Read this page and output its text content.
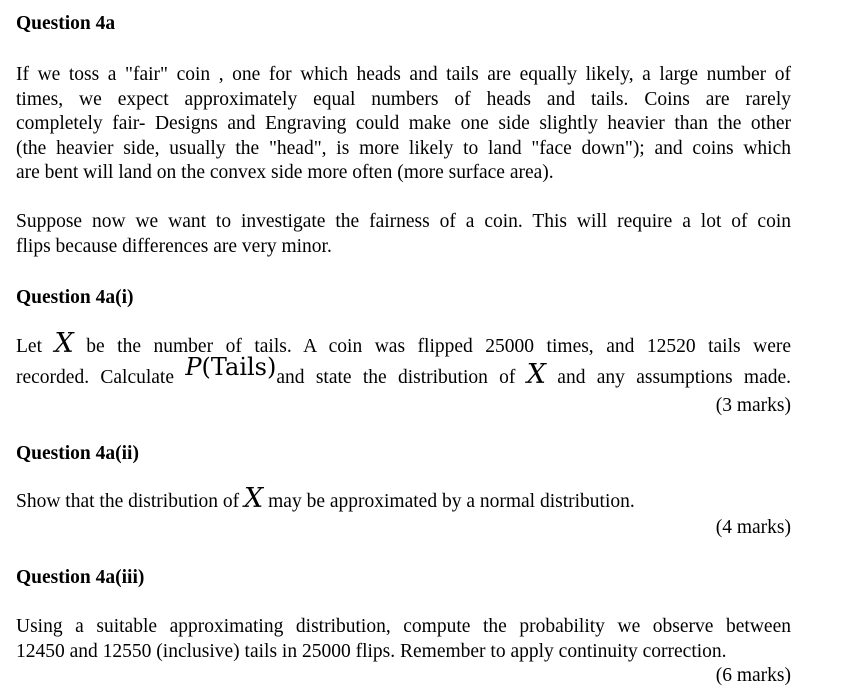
Question 4a
If we toss a "fair" coin , one for which heads and tails are equally likely, a large number of
times, we expect approximately equal numbers of heads and tails. Coins are rarely
completely fair- Designs and Engraving could make one side slightly heavier than the other
(the heavier side, usually the "head", is more likely to land "face down"); and coins which
are bent will land on the convex side more often (more surface area).
Suppose now we want to investigate the fairness of a coin. This will require a lot of coin
flips because differences are very minor.
Question 4a(i)
Let X be the number of tails. A coin was flipped 25000 times, and 12520 tails were
recorded. Calculate P(Tails)and state the distribution of X and any assumptions made.
(3 marks)
Question 4a(ii)
Show that the distribution of X may be approximated by a normal distribution.
(4 marks)
Question 4a(iii)
Using a suitable approximating distribution, compute the probability we observe between
12450 and 12550 (inclusive) tails in 25000 flips. Remember to apply continuity correction.
(6 marks)
